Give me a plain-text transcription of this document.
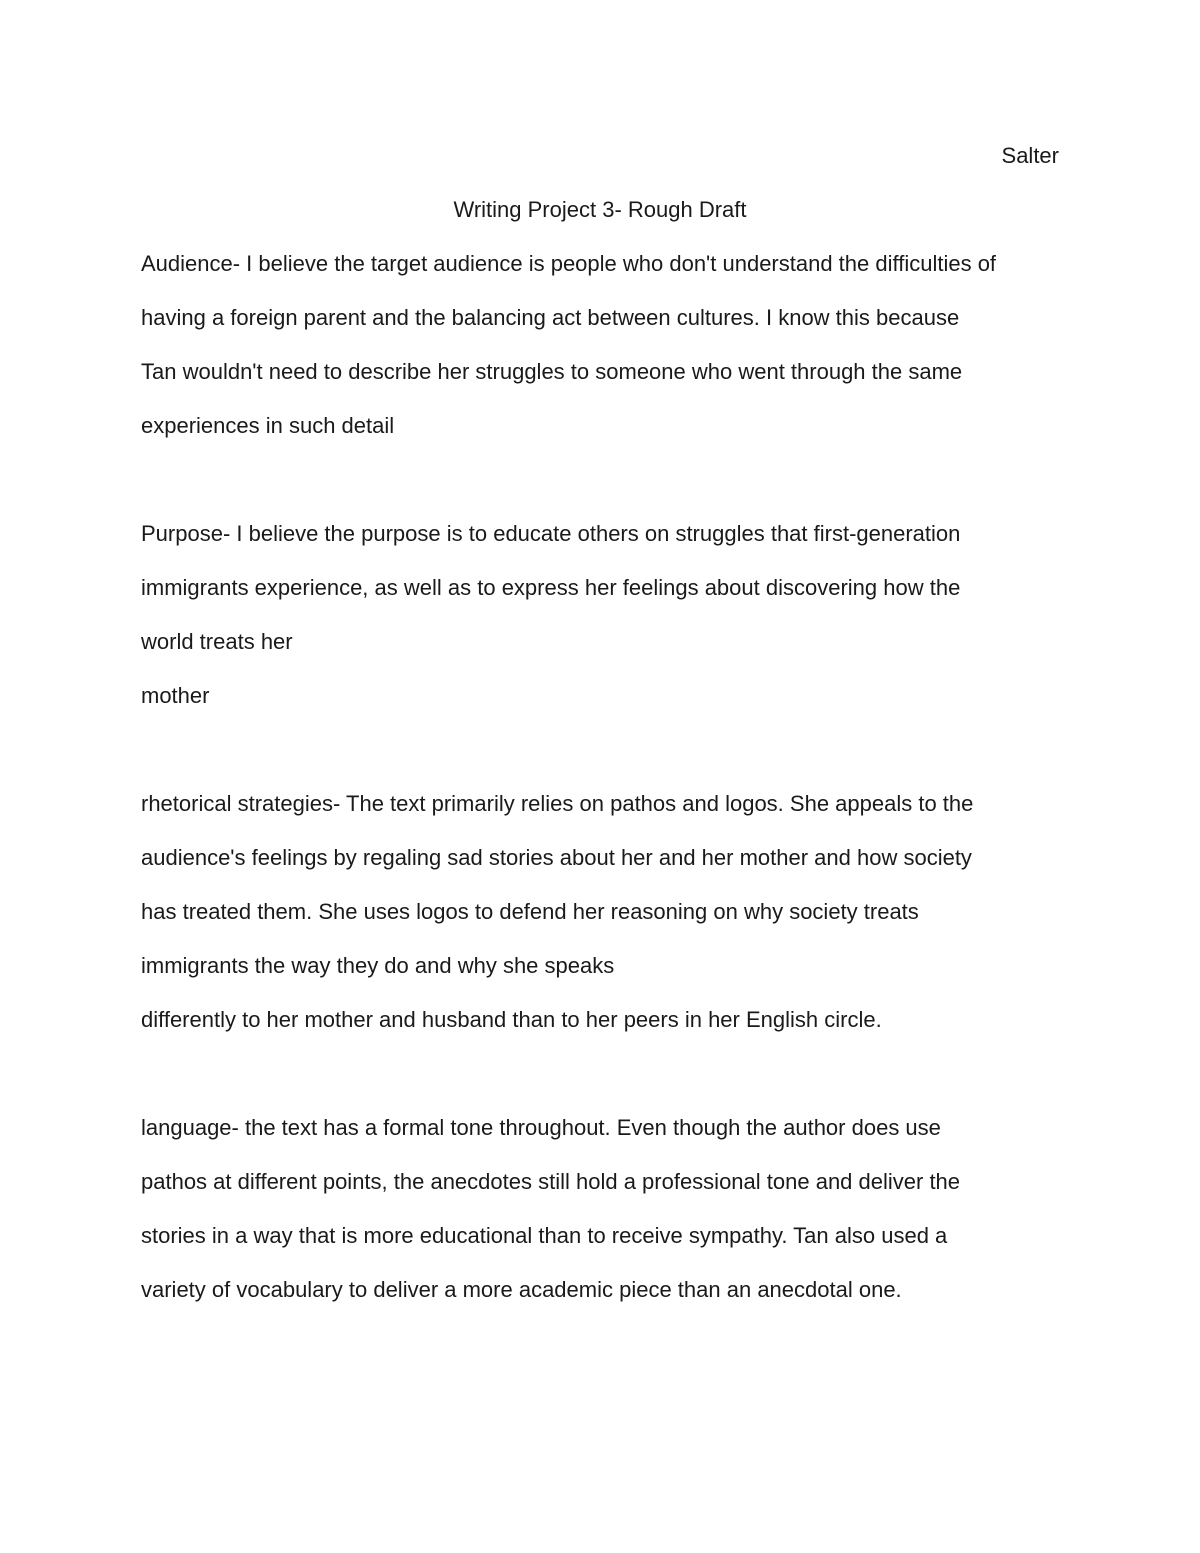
Salter
Writing Project 3- Rough Draft
Audience- I believe the target audience is people who don't understand the difficulties of
having a foreign parent and the balancing act between cultures. I know this because
Tan wouldn't need to describe her struggles to someone who went through the same
experiences in such detail
Purpose- I believe the purpose is to educate others on struggles that first-generation
immigrants experience, as well as to express her feelings about discovering how the
world treats her
mother
rhetorical strategies- The text primarily relies on pathos and logos. She appeals to the
audience's feelings by regaling sad stories about her and her mother and how society
has treated them. She uses logos to defend her reasoning on why society treats
immigrants the way they do and why she speaks
differently to her mother and husband than to her peers in her English circle.
language- the text has a formal tone throughout. Even though the author does use
pathos at different points, the anecdotes still hold a professional tone and deliver the
stories in a way that is more educational than to receive sympathy. Tan also used a
variety of vocabulary to deliver a more academic piece than an anecdotal one.
